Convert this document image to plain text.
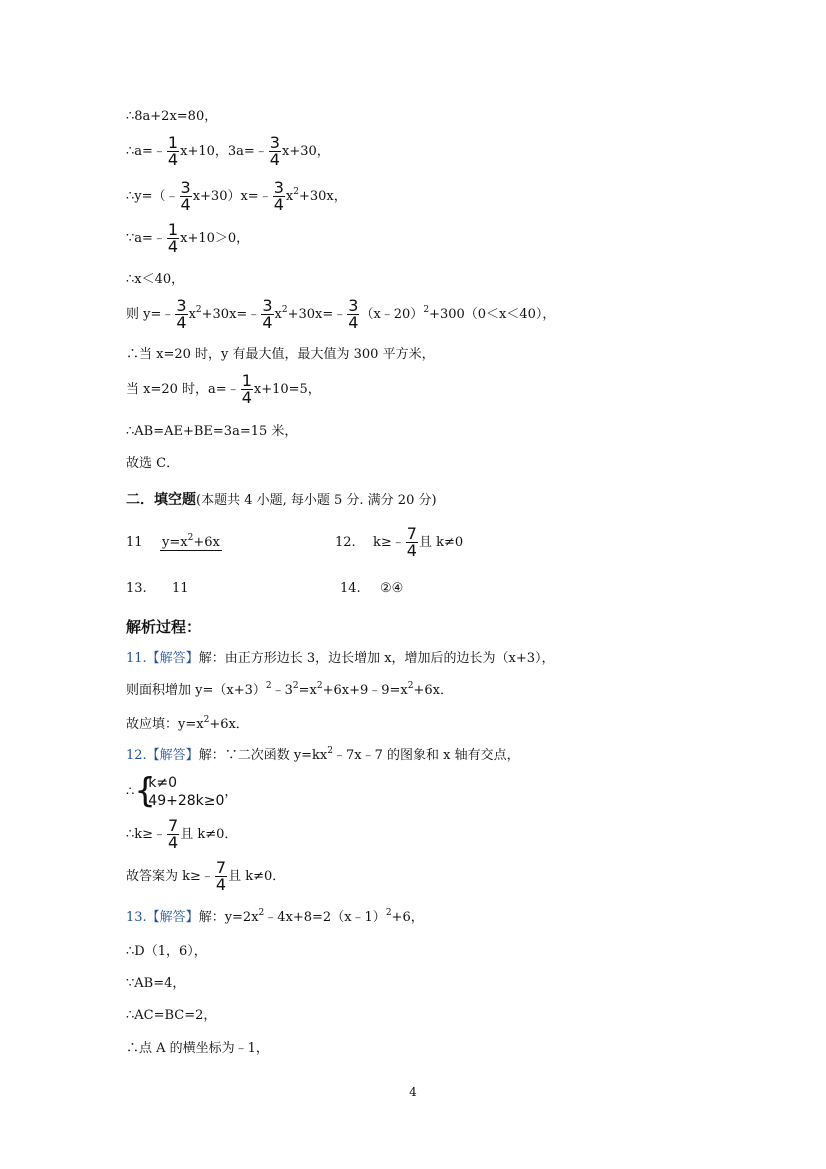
∴8a+2x=80，
∴a=﹣ $\frac{1}{4} x+10$，3a=﹣ $\frac{3}{4} x+30$，
∴y=（﹣ $\frac{3}{4}$ x+30）x=﹣ $\frac{3}{4} x^2+30x$，
∵a=﹣ $\frac{1}{4} x+10>0$，
∴x＜40，
则 y=﹣ $\frac{3}{4}$ $x^2+30x=﹣ \frac{3}{4}$ $x^2+30x=﹣ \frac{3}{4}$ （x﹣20）$^2$+300（0＜x＜40），
∴当 x=20 时，y 有最大值，最大值为 300 平方米，
当 x=20 时，a=﹣ $\frac{1}{4} x+10=5$，
∴AB=AE+BE=3a=15 米，
故选 C．
二．填空题(本题共 4 小题, 每小题 5 分. 满分 20 分)
11 $y=x^2+6x$	12. k≥﹣ $\frac{7}{4}$ 且 k≠0
13. 11	14. ②④
解析过程：
11.【解答】解：由正方形边长 3，边长增加 x，增加后的边长为（x+3），
则面积增加 $y=(x+3)^2﹣3^2=x^2+6x+9﹣9=x^2+6x$．
故应填：$y=x^2+6x$．
12.【解答】解：∵二次函数 $y=kx^2﹣7x﹣7$ 的图象和 x 轴有交点，
∴ {
k≠0
49+28k≥0
，
∴k≥﹣ $\frac{7}{4}$ 且 k≠0．
故答案为 k≥﹣ $\frac{7}{4}$ 且 k≠0．
13.【解答】解：$y=2x^2﹣4x+8=2(x﹣1)^2+6$，
∴D（1，6），
∵AB=4，
∴AC=BC=2，
∴点 A 的横坐标为﹣1，
4
